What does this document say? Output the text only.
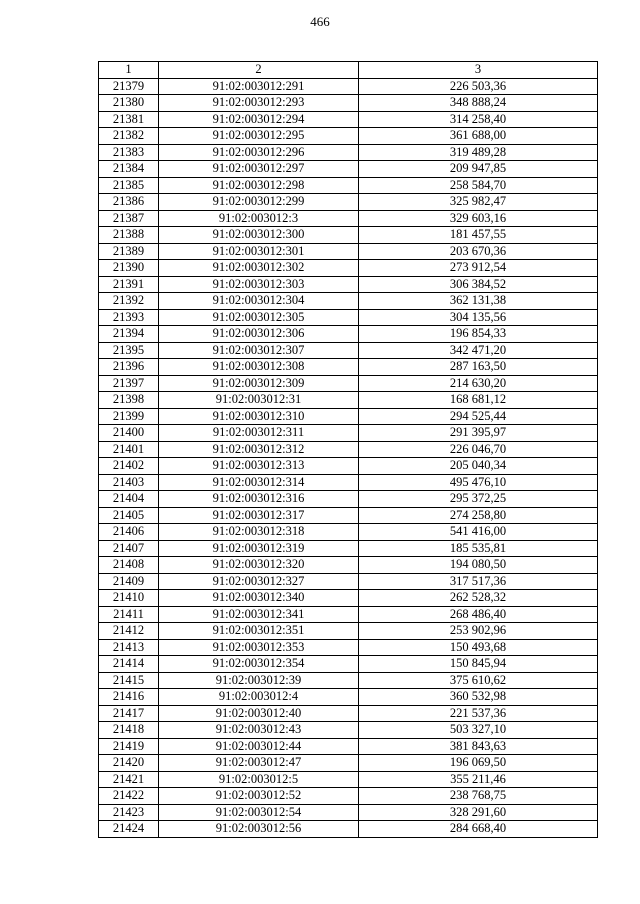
466
1	2	3
21379	91:02:003012:291	226 503,36
21380	91:02:003012:293	348 888,24
21381	91:02:003012:294	314 258,40
21382	91:02:003012:295	361 688,00
21383	91:02:003012:296	319 489,28
21384	91:02:003012:297	209 947,85
21385	91:02:003012:298	258 584,70
21386	91:02:003012:299	325 982,47
21387	91:02:003012:3	329 603,16
21388	91:02:003012:300	181 457,55
21389	91:02:003012:301	203 670,36
21390	91:02:003012:302	273 912,54
21391	91:02:003012:303	306 384,52
21392	91:02:003012:304	362 131,38
21393	91:02:003012:305	304 135,56
21394	91:02:003012:306	196 854,33
21395	91:02:003012:307	342 471,20
21396	91:02:003012:308	287 163,50
21397	91:02:003012:309	214 630,20
21398	91:02:003012:31	168 681,12
21399	91:02:003012:310	294 525,44
21400	91:02:003012:311	291 395,97
21401	91:02:003012:312	226 046,70
21402	91:02:003012:313	205 040,34
21403	91:02:003012:314	495 476,10
21404	91:02:003012:316	295 372,25
21405	91:02:003012:317	274 258,80
21406	91:02:003012:318	541 416,00
21407	91:02:003012:319	185 535,81
21408	91:02:003012:320	194 080,50
21409	91:02:003012:327	317 517,36
21410	91:02:003012:340	262 528,32
21411	91:02:003012:341	268 486,40
21412	91:02:003012:351	253 902,96
21413	91:02:003012:353	150 493,68
21414	91:02:003012:354	150 845,94
21415	91:02:003012:39	375 610,62
21416	91:02:003012:4	360 532,98
21417	91:02:003012:40	221 537,36
21418	91:02:003012:43	503 327,10
21419	91:02:003012:44	381 843,63
21420	91:02:003012:47	196 069,50
21421	91:02:003012:5	355 211,46
21422	91:02:003012:52	238 768,75
21423	91:02:003012:54	328 291,60
21424	91:02:003012:56	284 668,40
